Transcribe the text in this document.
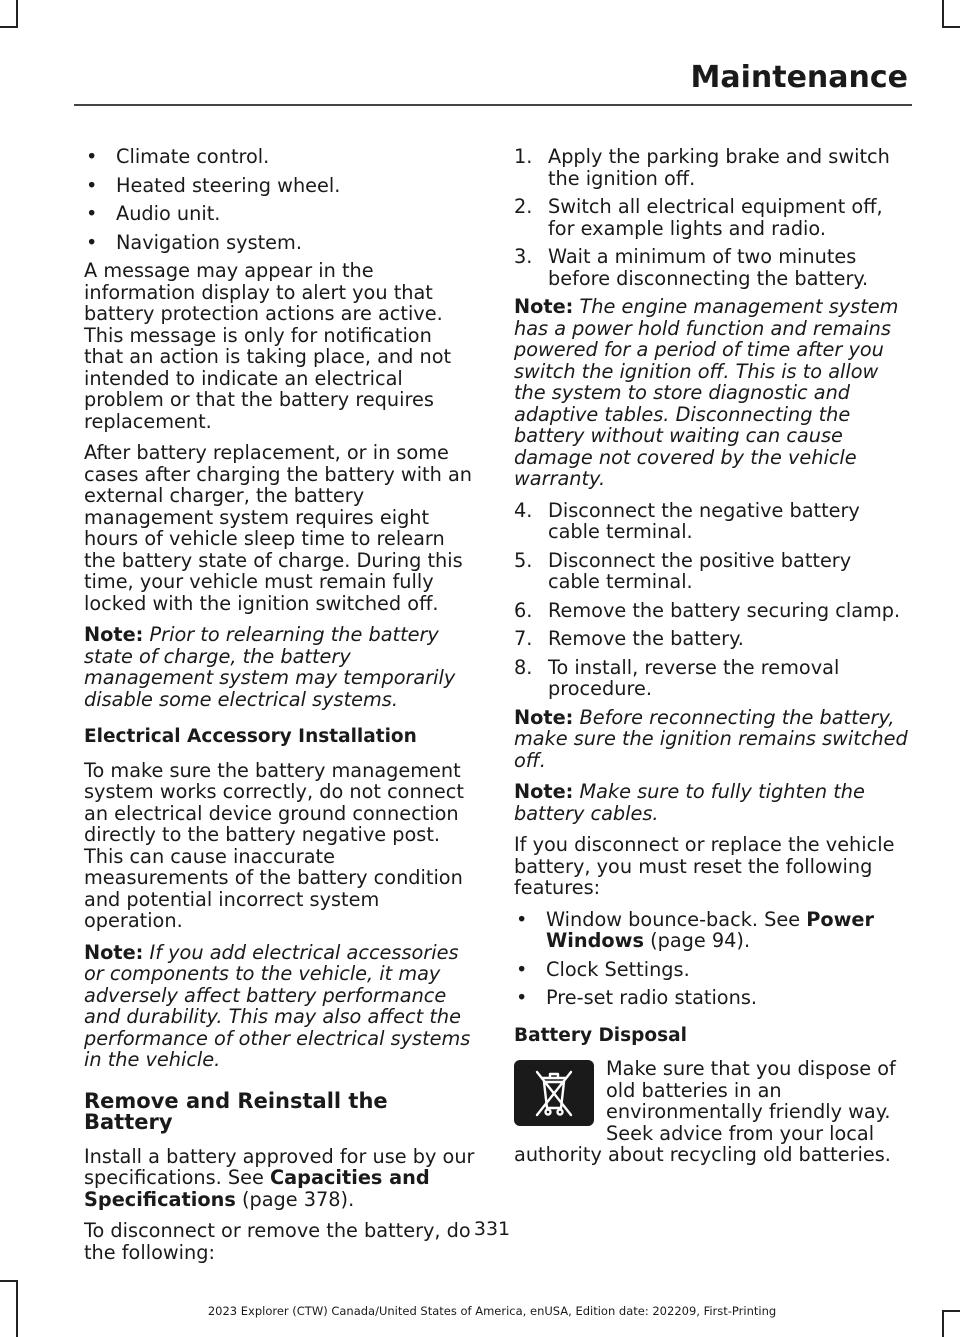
Maintenance
• Climate control.
• Heated steering wheel.
• Audio unit.
• Navigation system.

A message may appear in the information display to alert you that battery protection actions are active. This message is only for notification that an action is taking place, and not intended to indicate an electrical problem or that the battery requires replacement.

After battery replacement, or in some cases after charging the battery with an external charger, the battery management system requires eight hours of vehicle sleep time to relearn the battery state of charge. During this time, your vehicle must remain fully locked with the ignition switched off.

Note: Prior to relearning the battery state of charge, the battery management system may temporarily disable some electrical systems.

Electrical Accessory Installation

To make sure the battery management system works correctly, do not connect an electrical device ground connection directly to the battery negative post. This can cause inaccurate measurements of the battery condition and potential incorrect system operation.

Note: If you add electrical accessories or components to the vehicle, it may adversely affect battery performance and durability. This may also affect the performance of other electrical systems in the vehicle.

Remove and Reinstall the Battery

Install a battery approved for use by our specifications. See Capacities and Specifications (page 378).

To disconnect or remove the battery, do the following:

1. Apply the parking brake and switch the ignition off.
2. Switch all electrical equipment off, for example lights and radio.
3. Wait a minimum of two minutes before disconnecting the battery.

Note: The engine management system has a power hold function and remains powered for a period of time after you switch the ignition off. This is to allow the system to store diagnostic and adaptive tables. Disconnecting the battery without waiting can cause damage not covered by the vehicle warranty.

4. Disconnect the negative battery cable terminal.
5. Disconnect the positive battery cable terminal.
6. Remove the battery securing clamp.
7. Remove the battery.
8. To install, reverse the removal procedure.

Note: Before reconnecting the battery, make sure the ignition remains switched off.

Note: Make sure to fully tighten the battery cables.

If you disconnect or replace the vehicle battery, you must reset the following features:

• Window bounce-back. See Power Windows (page 94).
• Clock Settings.
• Pre-set radio stations.
Battery Disposal

Make sure that you dispose of old batteries in an environmentally friendly way. Seek advice from your local authority about recycling old batteries.

331

2023 Explorer (CTW) Canada/United States of America, enUSA, Edition date: 202209, First-Printing
